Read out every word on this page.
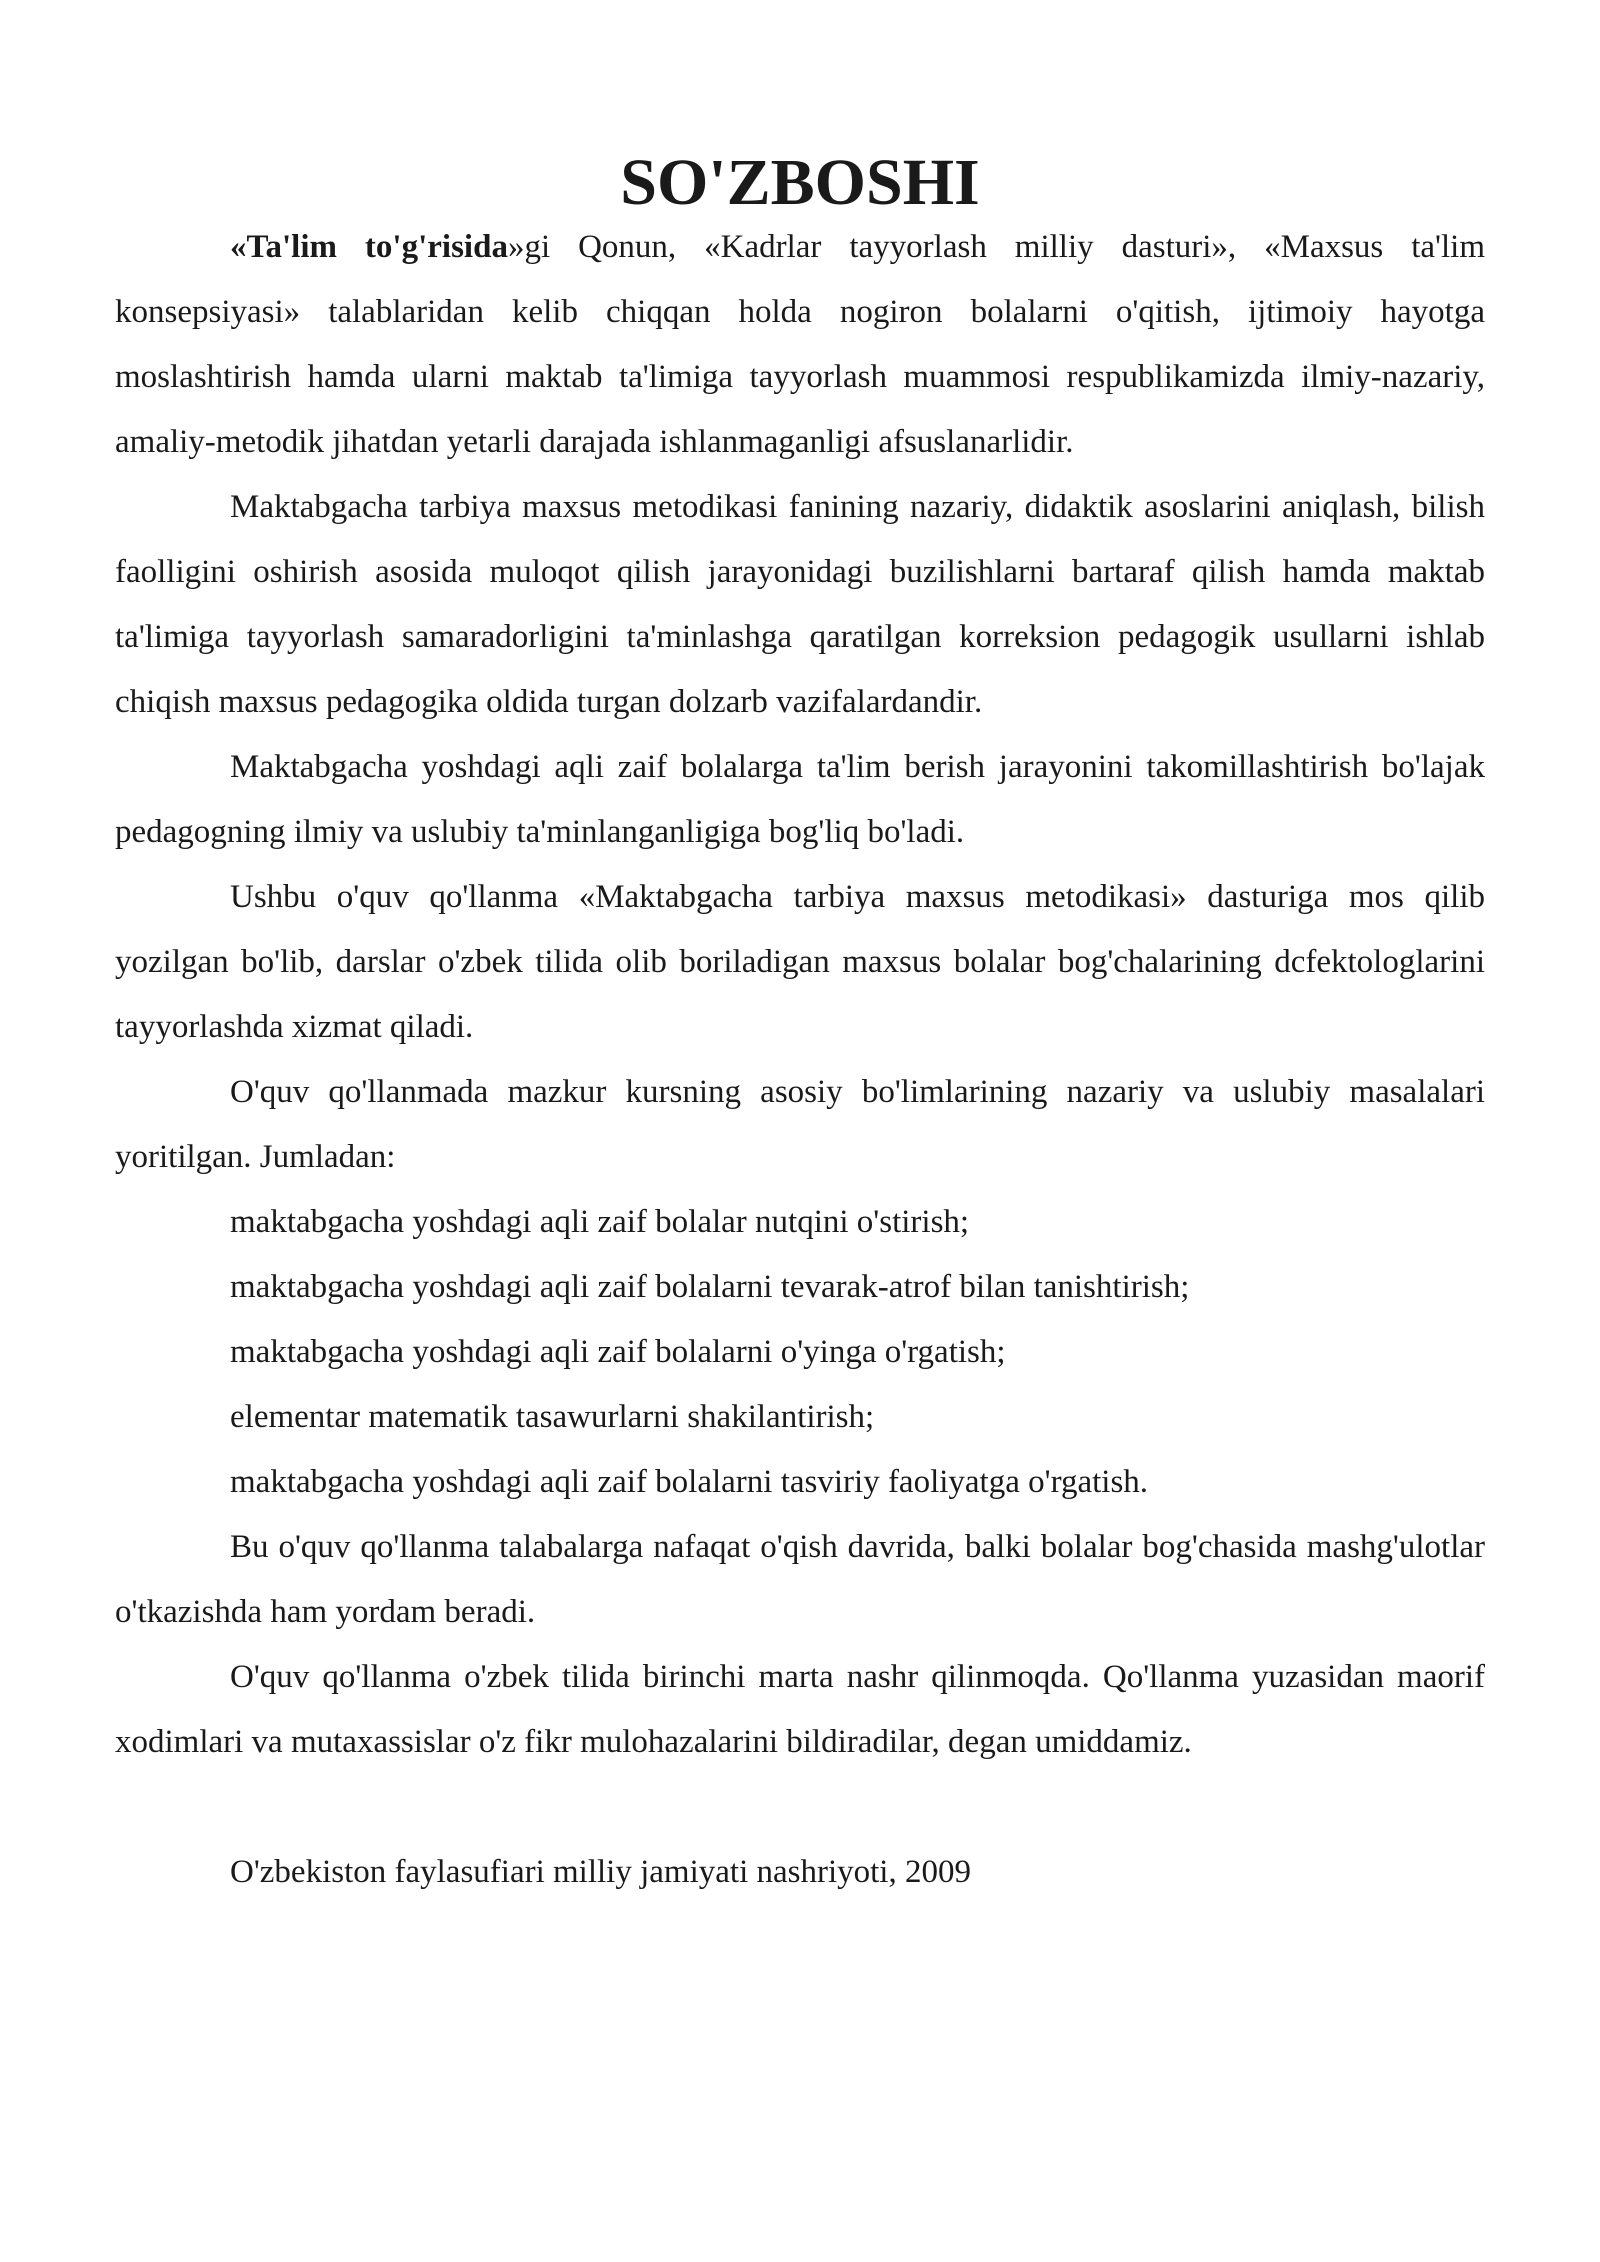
SO'ZBOSHI

«Ta'lim to'g'risida»gi Qonun, «Kadrlar tayyorlash milliy dasturi», «Maxsus ta'lim konsepsiyasi» talablaridan kelib chiqqan holda nogiron bolalarni o'qitish, ijtimoiy hayotga moslashtirish hamda ularni maktab ta'limiga tayyorlash muammosi respublikamizda ilmiy-nazariy, amaliy-metodik jihatdan yetarli darajada ishlanmaganligi afsuslanarlidir.

Maktabgacha tarbiya maxsus metodikasi fanining nazariy, didaktik asoslarini aniqlash, bilish faolligini oshirish asosida muloqot qilish jarayonidagi buzilishlarni bartaraf qilish hamda maktab ta'limiga tayyorlash samaradorligini ta'minlashga qaratilgan korreksion pedagogik usullarni ishlab chiqish maxsus pedagogika oldida turgan dolzarb vazifalardandir.

Maktabgacha yoshdagi aqli zaif bolalarga ta'lim berish jarayonini takomillashtirish bo'lajak pedagogning ilmiy va uslubiy ta'minlanganligiga bog'liq bo'ladi.

Ushbu o'quv qo'llanma «Maktabgacha tarbiya maxsus metodikasi» dasturiga mos qilib yozilgan bo'lib, darslar o'zbek tilida olib boriladigan maxsus bolalar bog'chalarining dcfektologlarini tayyorlashda xizmat qiladi.

O'quv qo'llanmada mazkur kursning asosiy bo'limlarining nazariy va uslubiy masalalari yoritilgan. Jumladan:

maktabgacha yoshdagi aqli zaif bolalar nutqini o'stirish;
maktabgacha yoshdagi aqli zaif bolalarni tevarak-atrof bilan tanishtirish;
maktabgacha yoshdagi aqli zaif bolalarni o'yinga o'rgatish;
elementar matematik tasawurlarni shakilantirish;
maktabgacha yoshdagi aqli zaif bolalarni tasviriy faoliyatga o'rgatish.

Bu o'quv qo'llanma talabalarga nafaqat o'qish davrida, balki bolalar bog'chasida mashg'ulotlar o'tkazishda ham yordam beradi.

O'quv qo'llanma o'zbek tilida birinchi marta nashr qilinmoqda. Qo'llanma yuzasidan maorif xodimlari va mutaxassislar o'z fikr mulohazalarini bildiradilar, degan umiddamiz.

O'zbekiston faylasufiari milliy jamiyati nashriyoti, 2009
